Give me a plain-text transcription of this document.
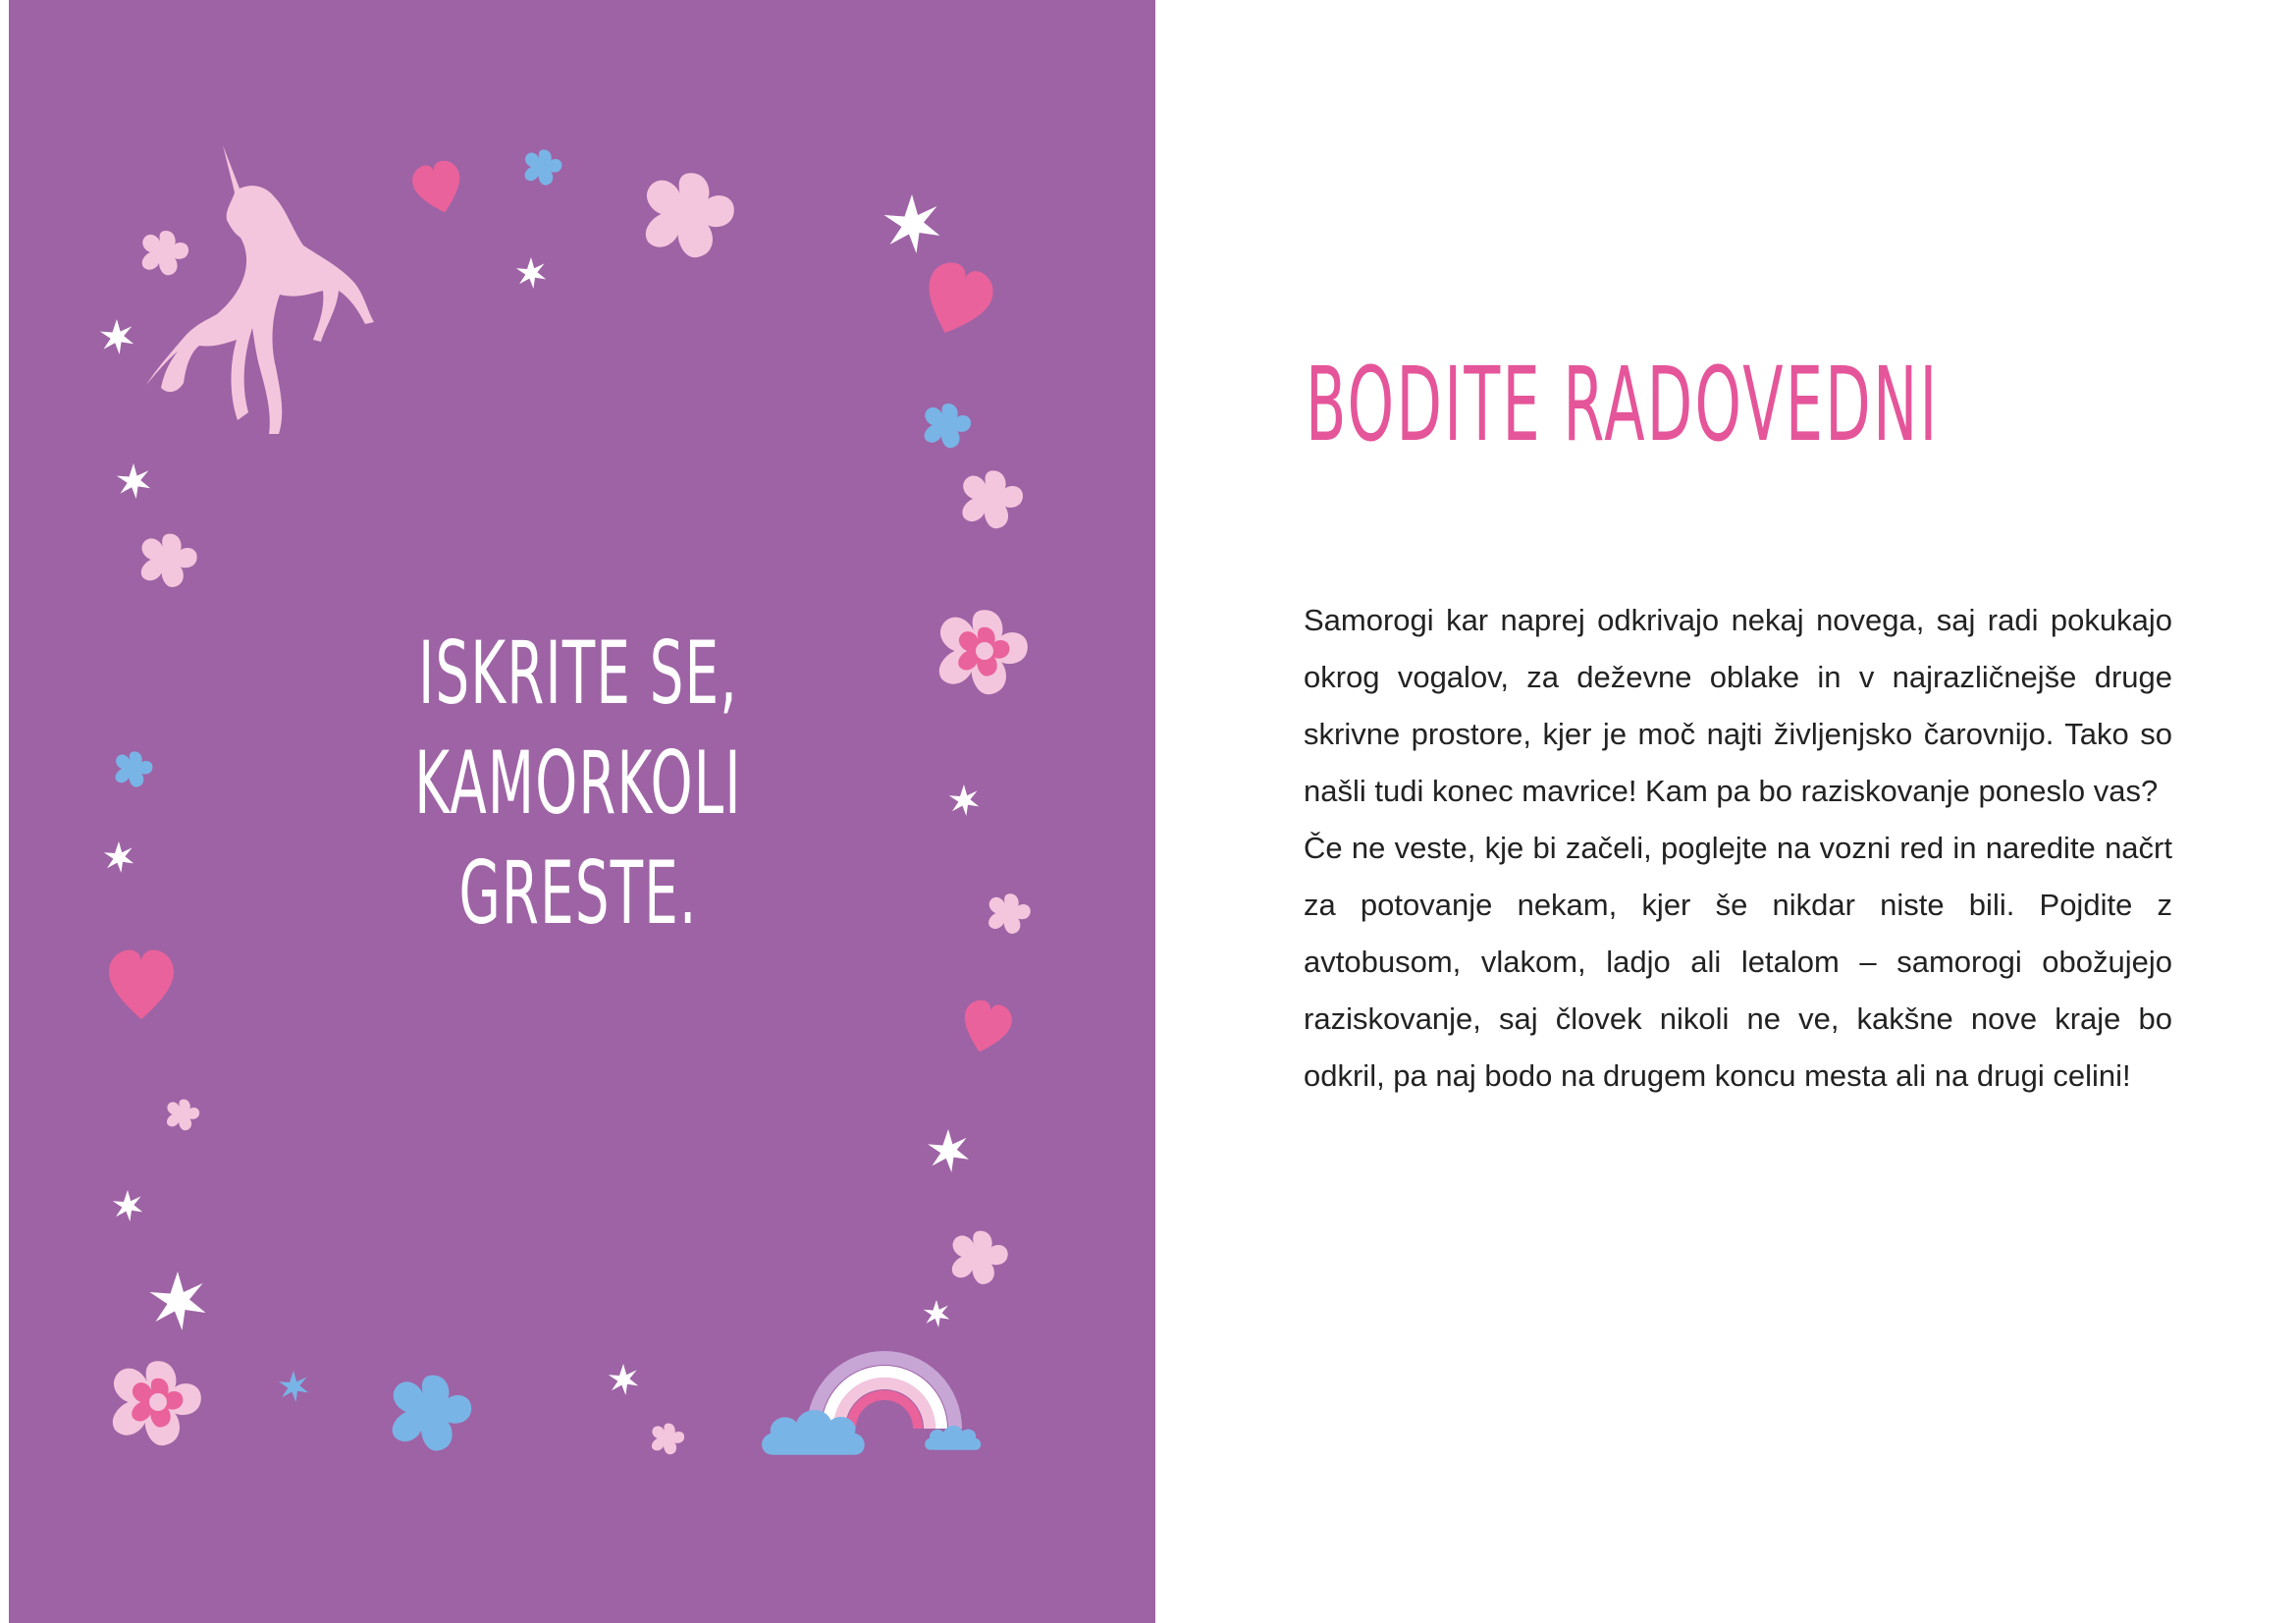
ISKRITE SE,
KAMORKOLI
GRESTE.
BODITE RADOVEDNI

Samorogi kar naprej odkrivajo nekaj novega, saj radi pokukajo okrog vogalov, za deževne oblake in v najrazličnejše druge skrivne prostore, kjer je moč najti življenjsko čarovnijo. Tako so našli tudi konec mavrice! Kam pa bo raziskovanje poneslo vas?

Če ne veste, kje bi začeli, poglejte na vozni red in naredite načrt za potovanje nekam, kjer še nikdar niste bili. Pojdite z avtobusom, vlakom, ladjo ali letalom – samorogi obožujejo raziskovanje, saj človek nikoli ne ve, kakšne nove kraje bo odkril, pa naj bodo na drugem koncu mesta ali na drugi celini!
